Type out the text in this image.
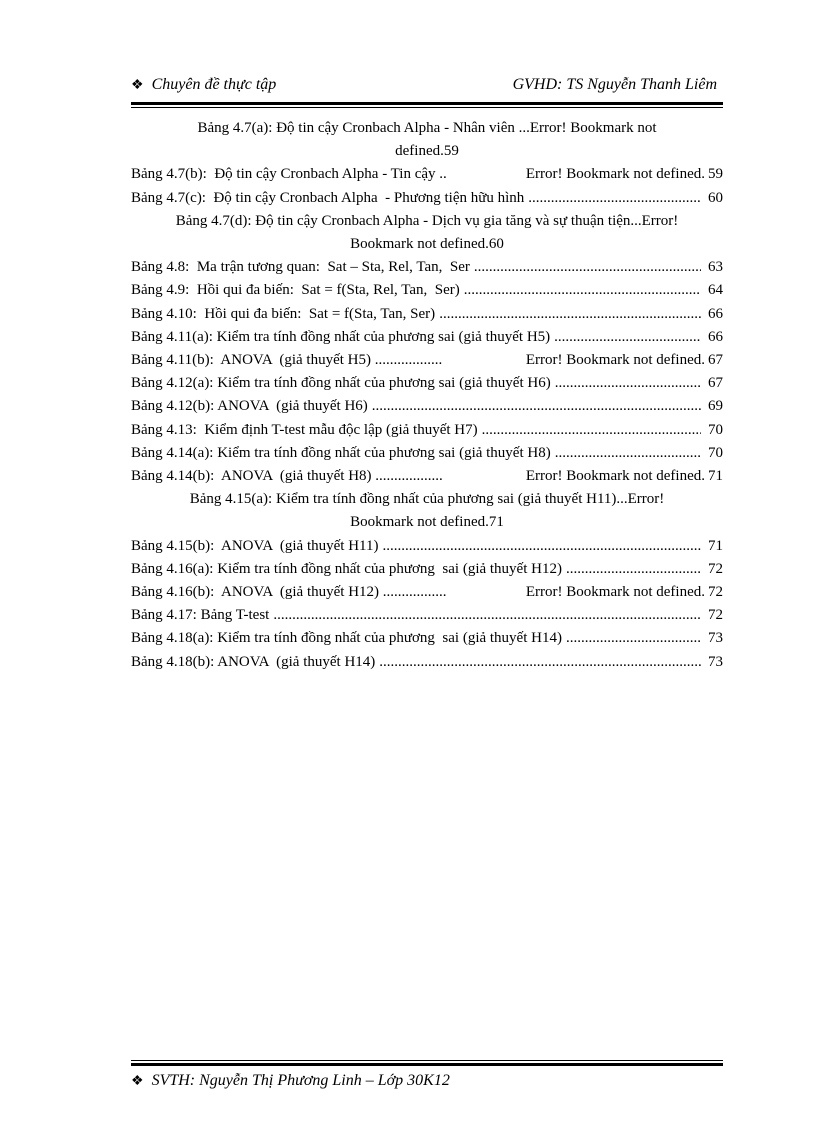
❖ Chuyên đề thực tập	GVHD: TS Nguyễn Thanh Liêm
Bảng 4.7(a): Độ tin cậy Cronbach Alpha - Nhân viên ...Error! Bookmark not
defined.59
Bảng 4.7(b):  Độ tin cậy Cronbach Alpha - Tin cậy ..	Error! Bookmark not defined. 59
Bảng 4.7(c):  Độ tin cậy Cronbach Alpha  - Phương tiện hữu hình .....	60
Bảng 4.7(d): Độ tin cậy Cronbach Alpha - Dịch vụ gia tăng và sự thuận tiện...Error!
Bookmark not defined.60
Bảng 4.8:  Ma trận tương quan:  Sat – Sta, Rel, Tan,  Ser .....	63
Bảng 4.9:  Hồi qui đa biến:  Sat = f(Sta, Rel, Tan,  Ser) .....	64
Bảng 4.10:  Hồi qui đa biến:  Sat = f(Sta, Tan, Ser) .....	66
Bảng 4.11(a): Kiểm tra tính đồng nhất của phương sai (giả thuyết H5) .....	66
Bảng 4.11(b):  ANOVA  (giả thuyết H5) ..................	Error! Bookmark not defined. 67
Bảng 4.12(a): Kiểm tra tính đồng nhất của phương sai (giả thuyết H6) .....	67
Bảng 4.12(b): ANOVA  (giả thuyết H6) .....	69
Bảng 4.13:  Kiểm định T-test mẫu độc lập (giả thuyết H7) .....	70
Bảng 4.14(a): Kiểm tra tính đồng nhất của phương sai (giả thuyết H8) .....	70
Bảng 4.14(b):  ANOVA  (giả thuyết H8) ..................	Error! Bookmark not defined. 71
Bảng 4.15(a): Kiểm tra tính đồng nhất của phương sai (giả thuyết H11)...Error!
Bookmark not defined.71
Bảng 4.15(b):  ANOVA  (giả thuyết H11) .....	71
Bảng 4.16(a): Kiểm tra tính đồng nhất của phương  sai (giả thuyết H12) .....	72
Bảng 4.16(b):  ANOVA  (giả thuyết H12) .................	Error! Bookmark not defined. 72
Bảng 4.17: Bảng T-test .....	72
Bảng 4.18(a): Kiểm tra tính đồng nhất của phương  sai (giả thuyết H14) .....	73
Bảng 4.18(b): ANOVA  (giả thuyết H14) .....	73
❖ SVTH: Nguyễn Thị Phương Linh – Lớp 30K12
